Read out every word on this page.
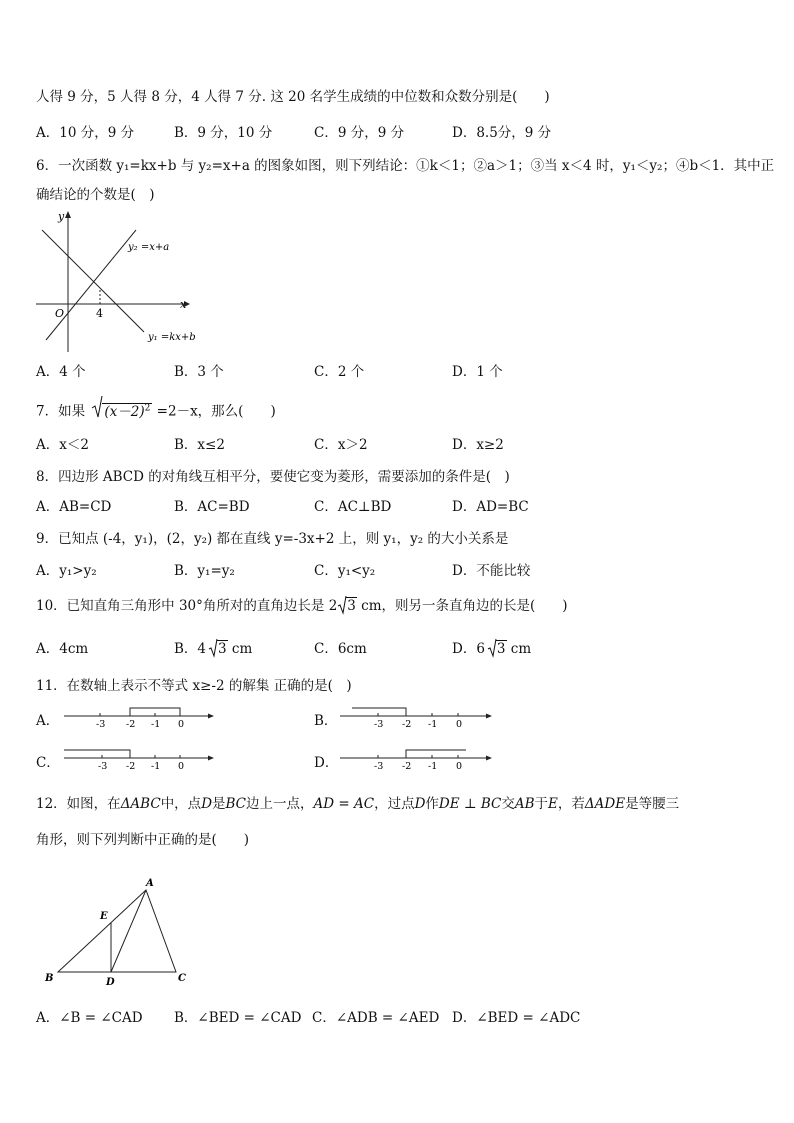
人得 9 分，5 人得 8 分，4 人得 7 分. 这 20 名学生成绩的中位数和众数分别是(　　)
A．10 分，9 分	B．9 分，10 分	C．9 分，9 分	D．8.5分，9 分
6．一次函数 y₁=kx+b 与 y₂=x+a 的图象如图，则下列结论：①k＜1；②a＞1；③当 x＜4 时，y₁＜y₂；④b＜1．其中正
确结论的个数是(　)
y
x
O	4
y₂ =x+a
y₁ =kx+b
A．4 个	B．3 个	C．2 个	D．1 个
7．如果 $(x-2)^2 =2-x$，那么(　　)
A．x＜2	B．x≤2	C．x＞2	D．x≥2
8．四边形 ABCD 的对角线互相平分，要使它变为菱形，需要添加的条件是(　)
A．AB=CD	B．AC=BD	C．AC⊥BD	D．AD=BC
9．已知点 (-4，y₁)，(2，y₂) 都在直线 y=-3x+2 上，则 y₁，y₂ 的大小关系是
A．y₁>y₂	B．y₁=y₂	C．y₁<y₂	D．不能比较
10．已知直角三角形中 30°角所对的直角边长是 2 3 cm，则另一条直角边的长是(　　)
A．4cm	B．4 3 cm	C．6cm	D．6 3 cm
11．在数轴上表示不等式 x≥-2 的解集 正确的是(　)
A．	-3 -2 -1 0	B．	-3 -2 -1 0
C．	-3 -2 -1 0	D．	-3 -2 -1 0
12．如图，在ΔABC中，点D是BC边上一点，AD = AC，过点D作DE ⊥ BC交AB于E，若ΔADE是等腰三
角形，则下列判断中正确的是(　　)
A
E
B	D	C
A．∠B = ∠CAD B．∠BED = ∠CAD C．∠ADB = ∠AED D．∠BED = ∠ADC
